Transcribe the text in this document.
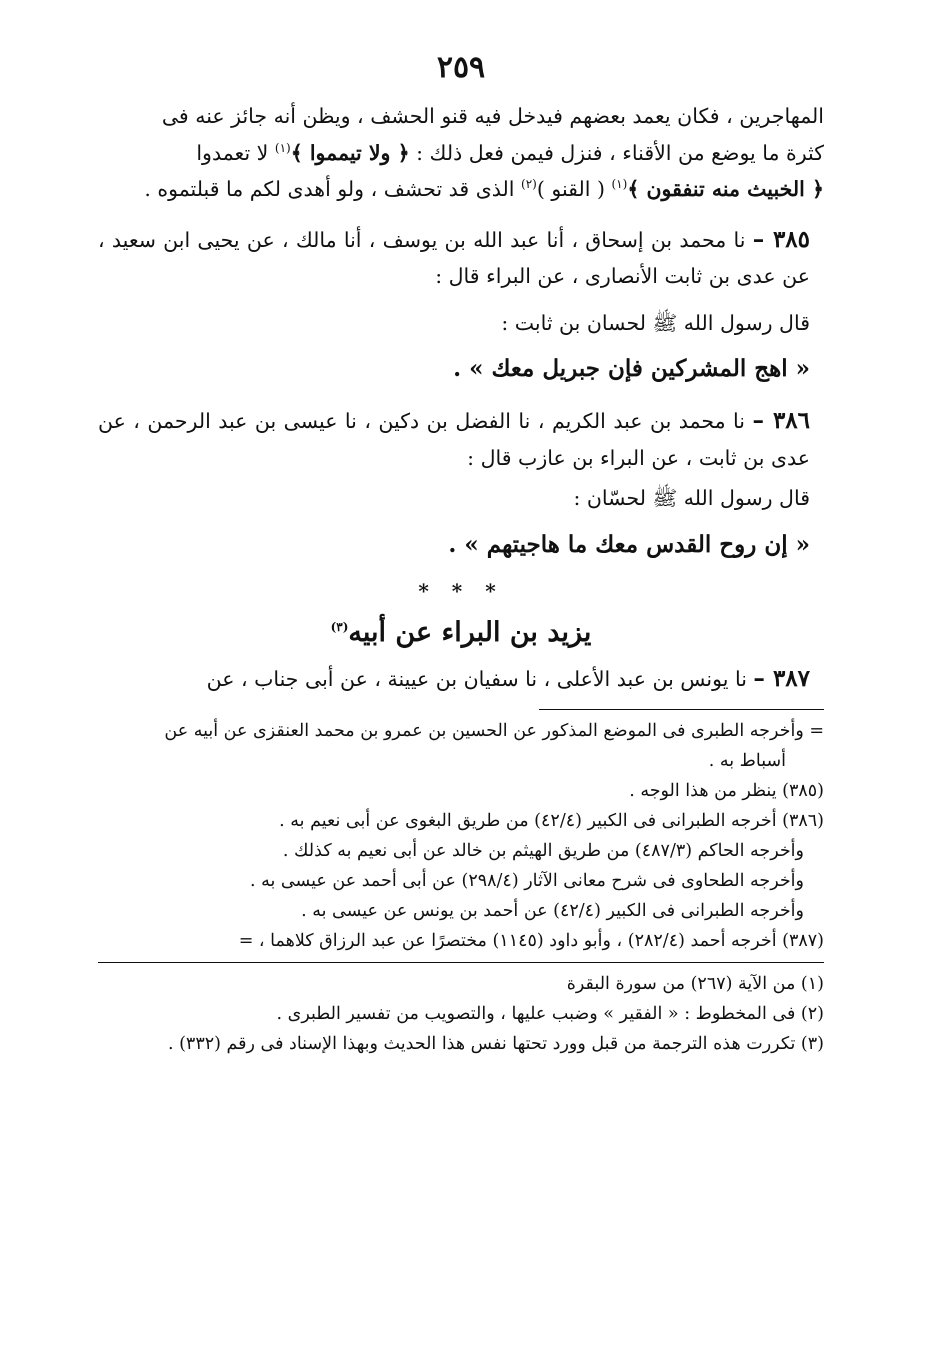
٢٥٩

المهاجرين ، فكان يعمد بعضهم فيدخل فيه قنو الحشف ، ويظن أنه جائز عنه فى
كثرة ما يوضع من الأقناء ، فنزل فيمن فعل ذلك : ﴿ ولا تيمموا ﴾$^{(١)}$ لا تعمدوا
﴿ الخبيث منه تنفقون ﴾$^{(١)}$ ( القنو )$^{(٢)}$ الذى قد تحشف ، ولو أهدى لكم ما قبلتموه .

٣٨٥ – نا محمد بن إسحاق ، أنا عبد الله بن يوسف ، أنا مالك ، عن يحيى ابن سعيد ، عن عدى بن ثابت الأنصارى ، عن البراء قال :

قال رسول الله ﷺ لحسان بن ثابت :

« اهج المشركين فإن جبريل معك » .

٣٨٦ – نا محمد بن عبد الكريم ، نا الفضل بن دكين ، نا عيسى بن عبد الرحمن ، عن عدى بن ثابت ، عن البراء بن عازب قال :

قال رسول الله ﷺ لحسّان :

« إن روح القدس معك ما هاجيتهم » .

* * *
يزيد بن البراء عن أبيه$^{(٣)}$

٣٨٧ – نا يونس بن عبد الأعلى ، نا سفيان بن عيينة ، عن أبى جناب ، عن

= وأخرجه الطبرى فى الموضع المذكور عن الحسين بن عمرو بن محمد العنقزى عن أبيه عن

أسباط به .

(٣٨٥) ينظر من هذا الوجه .

(٣٨٦) أخرجه الطبرانى فى الكبير (٤٢/٤) من طريق البغوى عن أبى نعيم به .

وأخرجه الحاكم (٤٨٧/٣) من طريق الهيثم بن خالد عن أبى نعيم به كذلك .

وأخرجه الطحاوى فى شرح معانى الآثار (٢٩٨/٤) عن أبى أحمد عن عيسى به .

وأخرجه الطبرانى فى الكبير (٤٢/٤) عن أحمد بن يونس عن عيسى به .

(٣٨٧) أخرجه أحمد (٢٨٢/٤) ، وأبو داود (١١٤٥) مختصرًا عن عبد الرزاق كلاهما ، =

(١) من الآية (٢٦٧) من سورة البقرة

(٢) فى المخطوط : « الفقير » وضبب عليها ، والتصويب من تفسير الطبرى .

(٣) تكررت هذه الترجمة من قبل وورد تحتها نفس هذا الحديث وبهذا الإسناد فى رقم (٣٣٢) .
